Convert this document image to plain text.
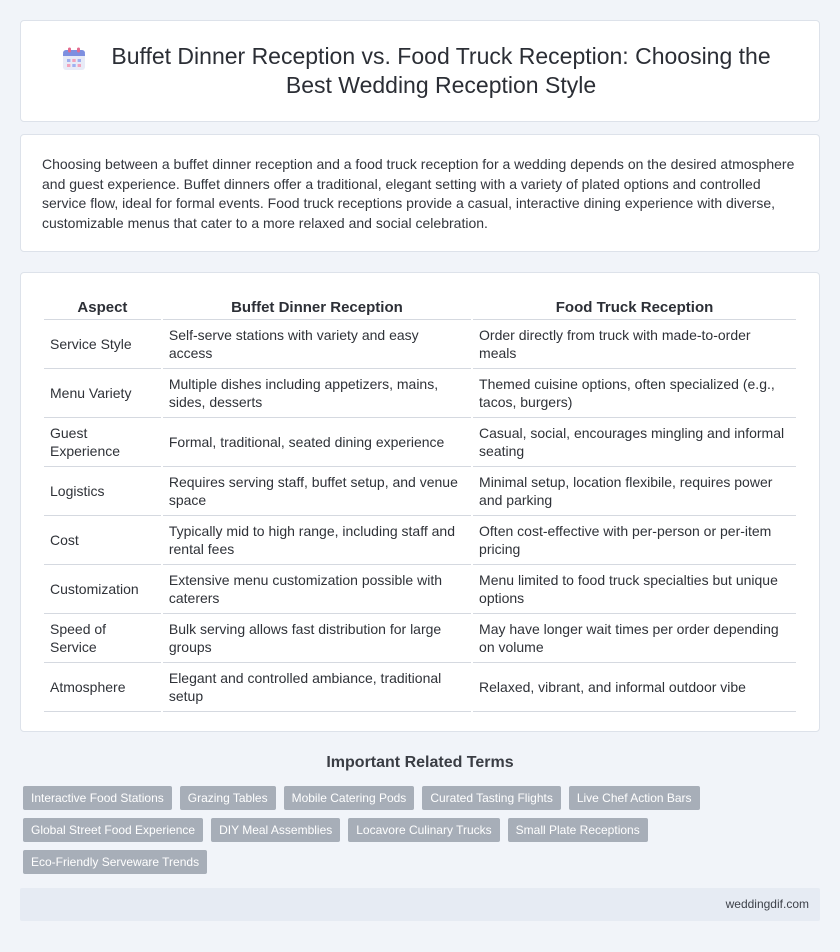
Buffet Dinner Reception vs. Food Truck Reception: Choosing the Best Wedding Reception Style

Choosing between a buffet dinner reception and a food truck reception for a wedding depends on the desired atmosphere and guest experience. Buffet dinners offer a traditional, elegant setting with a variety of plated options and controlled service flow, ideal for formal events. Food truck receptions provide a casual, interactive dining experience with diverse, customizable menus that cater to a more relaxed and social celebration.

Aspect	Buffet Dinner Reception	Food Truck Reception
Service Style	Self-serve stations with variety and easy access	Order directly from truck with made-to-order meals
Menu Variety	Multiple dishes including appetizers, mains, sides, desserts	Themed cuisine options, often specialized (e.g., tacos, burgers)
Guest Experience	Formal, traditional, seated dining experience	Casual, social, encourages mingling and informal seating
Logistics	Requires serving staff, buffet setup, and venue space	Minimal setup, location flexibile, requires power and parking
Cost	Typically mid to high range, including staff and rental fees	Often cost-effective with per-person or per-item pricing
Customization	Extensive menu customization possible with caterers	Menu limited to food truck specialties but unique options
Speed of Service	Bulk serving allows fast distribution for large groups	May have longer wait times per order depending on volume
Atmosphere	Elegant and controlled ambiance, traditional setup	Relaxed, vibrant, and informal outdoor vibe
Important Related Terms
Interactive Food Stations	Grazing Tables	Mobile Catering Pods	Curated Tasting Flights	Live Chef Action Bars
Global Street Food Experience	DIY Meal Assemblies	Locavore Culinary Trucks	Small Plate Receptions
Eco-Friendly Serveware Trends
weddingdif.com
